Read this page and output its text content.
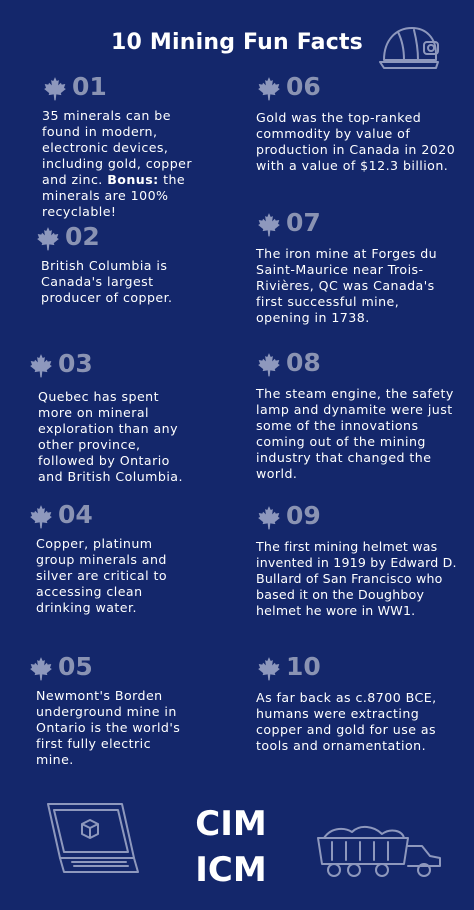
10 Mining Fun Facts
01
35 minerals can be found in modern, electronic devices, including gold, copper and zinc. Bonus: the minerals are 100% recyclable!
02
British Columbia is Canada's largest producer of copper.
03
Quebec has spent more on mineral exploration than any other province, followed by Ontario and British Columbia.
04
Copper, platinum group minerals and silver are critical to accessing clean drinking water.
05
Newmont's Borden underground mine in Ontario is the world's first fully electric mine.
06
Gold was the top-ranked commodity by value of production in Canada in 2020 with a value of $12.3 billion.
07
The iron mine at Forges du Saint-Maurice near Trois-Rivières, QC was Canada's first successful mine, opening in 1738.
08
The steam engine, the safety lamp and dynamite were just some of the innovations coming out of the mining industry that changed the world.
09
The first mining helmet was invented in 1919 by Edward D. Bullard of San Francisco who based it on the Doughboy helmet he wore in WW1.
10
As far back as c.8700 BCE, humans were extracting copper and gold for use as tools and ornamentation.
CIM
ICM
